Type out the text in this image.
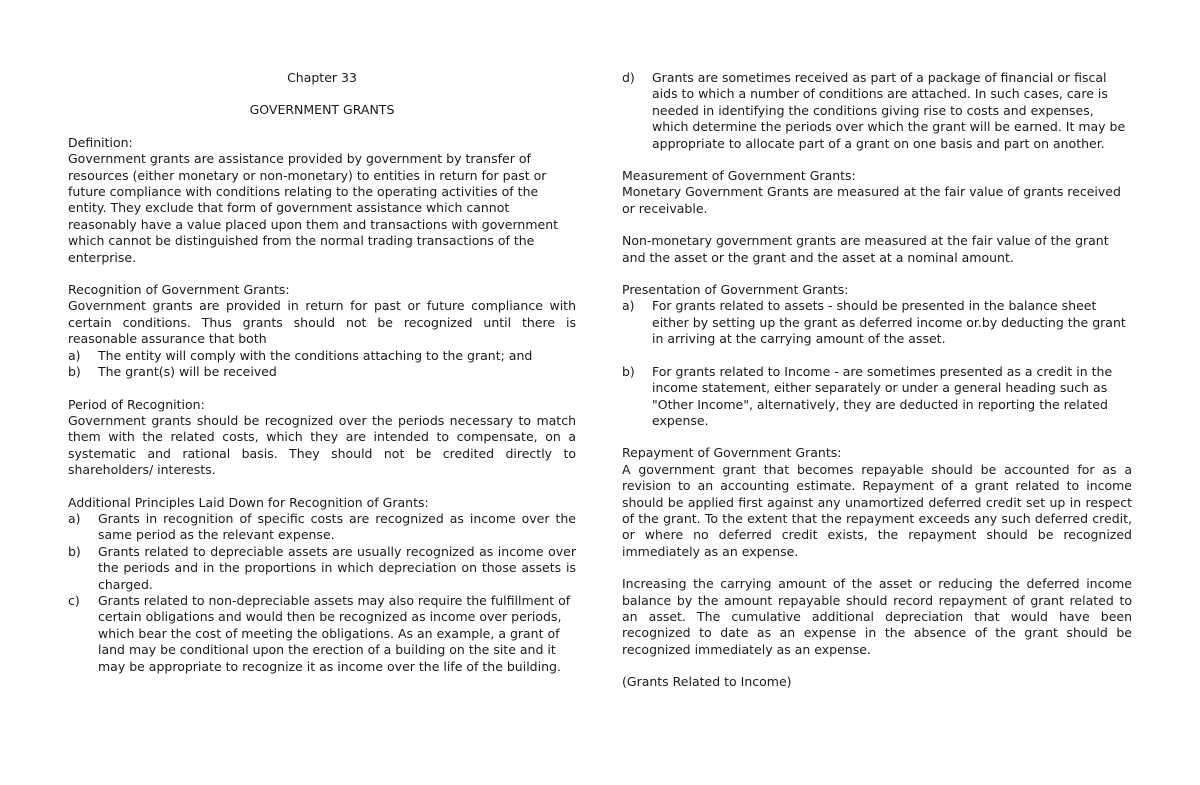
Chapter 33
GOVERNMENT GRANTS

Definition:

Government grants are assistance provided by government by transfer of resources (either monetary or non-monetary) to entities in return for past or future compliance with conditions relating to the operating activities of the entity. They exclude that form of government assistance which cannot reasonably have a value placed upon them and transactions with government which cannot be distinguished from the normal trading transactions of the enterprise.

Recognition of Government Grants:

Government grants are provided in return for past or future compliance with certain conditions. Thus grants should not be recognized until there is reasonable assurance that both

a)	The entity will comply with the conditions attaching to the grant; and
b)	The grant(s) will be received

Period of Recognition:

Government grants should be recognized over the periods necessary to match them with the related costs, which they are intended to compensate, on a systematic and rational basis. They should not be credited directly to shareholders/ interests.

Additional Principles Laid Down for Recognition of Grants:

a)	Grants in recognition of specific costs are recognized as income over the same period as the relevant expense.
b)	Grants related to depreciable assets are usually recognized as income over the periods and in the proportions in which depreciation on those assets is charged.
c)	Grants related to non-depreciable assets may also require the fulfillment of certain obligations and would then be recognized as income over periods, which bear the cost of meeting the obligations. As an example, a grant of land may be conditional upon the erection of a building on the site and it may be appropriate to recognize it as income over the life of the building.
d)	Grants are sometimes received as part of a package of financial or fiscal aids to which a number of conditions are attached. In such cases, care is needed in identifying the conditions giving rise to costs and expenses, which determine the periods over which the grant will be earned. It may be appropriate to allocate part of a grant on one basis and part on another.

Measurement of Government Grants:

Monetary Government Grants are measured at the fair value of grants received or receivable.

Non-monetary government grants are measured at the fair value of the grant and the asset or the grant and the asset at a nominal amount.

Presentation of Government Grants:

a)	For grants related to assets - should be presented in the balance sheet either by setting up the grant as deferred income or.by deducting the grant in arriving at the carrying amount of the asset.
b)	For grants related to Income - are sometimes presented as a credit in the income statement, either separately or under a general heading such as "Other Income", alternatively, they are deducted in reporting the related expense.

Repayment of Government Grants:

A government grant that becomes repayable should be accounted for as a revision to an accounting estimate. Repayment of a grant related to income should be applied first against any unamortized deferred credit set up in respect of the grant. To the extent that the repayment exceeds any such deferred credit, or where no deferred credit exists, the repayment should be recognized immediately as an expense.

Increasing the carrying amount of the asset or reducing the deferred income balance by the amount repayable should record repayment of grant related to an asset. The cumulative additional depreciation that would have been recognized to date as an expense in the absence of the grant should be recognized immediately as an expense.

(Grants Related to Income)
